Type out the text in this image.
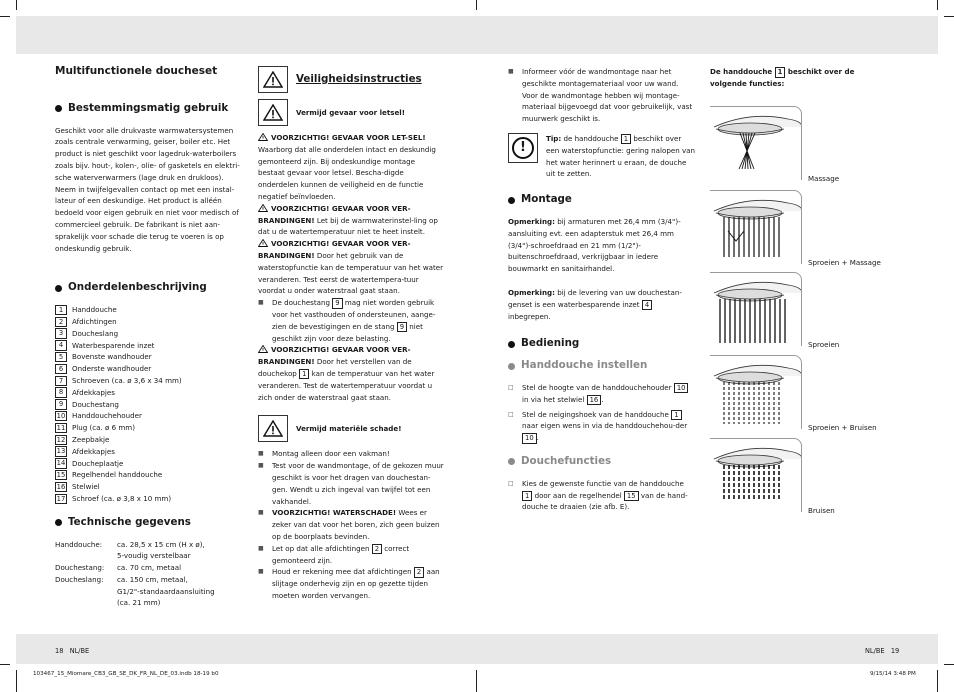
Multifunctionele doucheset
Bestemmingsmatig gebruik

Geschikt voor alle drukvaste warmwatersystemen zoals centrale verwarming, geiser, boiler etc. Het product is niet geschikt voor lagedruk-waterboilers zoals bijv. hout-, kolen-, olie- of gasketels en elektri-sche waterverwarmers (lage druk en drukloos). Neem in twijfelgevallen contact op met een instal-lateur of een deskundige. Het product is alléén bedoeld voor eigen gebruik en niet voor medisch of commercieel gebruik. De fabrikant is niet aan-sprakelijk voor schade die terug te voeren is op ondeskundig gebruik.

Onderdelenbeschrijving
1	Handdouche
2	Afdichtingen
3	Doucheslang
4	Waterbesparende inzet
5	Bovenste wandhouder
6	Onderste wandhouder
7	Schroeven (ca. ø 3,6 x 34 mm)
8	Afdekkapjes
9	Douchestang
10 Handdouchehouder
11 Plug (ca. ø 6 mm)
12 Zeepbakje
13 Afdekkapjes
14 Doucheplaatje
15 Regelhendel handdouche
16 Stelwiel
17 Schroef (ca. ø 3,8 x 10 mm)
Technische gegevens
Handdouche:	ca. 28,5 x 15 cm (H x ø),
5-voudig verstelbaar
Douchestang:	ca. 70 cm, metaal
Doucheslang:	ca. 150 cm, metaal,
G1/2"-standaardaansluiting
(ca. 21 mm)
Veiligheidsinstructies
Vermijd gevaar voor letsel!

VOORZICHTIG! GEVAAR VOOR LET-SEL! Waarborg dat alle onderdelen intact en deskundig gemonteerd zijn. Bij ondeskundige montage bestaat gevaar voor letsel. Bescha-digde onderdelen kunnen de veiligheid en de functie negatief beïnvloeden.

VOORZICHTIG! GEVAAR VOOR VER-BRANDINGEN! Let bij de warmwaterinstel-ling op dat u de watertemperatuur niet te heet instelt.

VOORZICHTIG! GEVAAR VOOR VER-BRANDINGEN! Door het gebruik van de waterstopfunctie kan de temperatuur van het water veranderen. Test eerst de watertempera-tuur voordat u onder waterstraal gaat staan.

■	De douchestang 9 mag niet worden gebruik voor het vasthouden of ondersteunen, aange-zien de bevestigingen en de stang 9 niet geschikt zijn voor deze belasting.

VOORZICHTIG! GEVAAR VOOR VER-BRANDINGEN! Door het verstellen van de douchekop 1 kan de temperatuur van het water veranderen. Test de watertemperatuur voordat u zich onder de waterstraal gaat staan.

Vermijd materiële schade!
■	Montag alleen door een vakman!
■	Test voor de wandmontage, of de gekozen muur geschikt is voor het dragen van douchestan-gen. Wendt u zich ingeval van twijfel tot een vakhandel.
■	VOORZICHTIG! WATERSCHADE! Wees er zeker van dat voor het boren, zich geen buizen op de boorplaats bevinden.
■	Let op dat alle afdichtingen 2 correct gemonteerd zijn.
■	Houd er rekening mee dat afdichtingen 2 aan slijtage onderhevig zijn en op gezette tijden moeten worden vervangen.
■	Informeer vóór de wandmontage naar het geschikte montagemateriaal voor uw wand. Voor de wandmontage hebben wij montage-materiaal bijgevoegd dat voor gebruikelijk, vast muurwerk geschikt is.
!
Tip: de handdouche 1 beschikt over een waterstopfunctie: gering nalopen van het water herinnert u eraan, de douche uit te zetten.
Montage

Opmerking: bij armaturen met 26,4 mm (3/4")-aansluiting evt. een adapterstuk met 26,4 mm (3/4")-schroefdraad en 21 mm (1/2")-buitenschroefdraad, verkrijgbaar in iedere bouwmarkt en sanitairhandel.

Opmerking: bij de levering van uw douchestan-genset is een waterbesparende inzet 4 inbegrepen.

Bediening
Handdouche instellen
□	Stel de hoogte van de handdouchehouder 10 in via het stelwiel 16 .
□	Stel de neigingshoek van de handdouche 1 naar eigen wens in via de handdouchehou-der 10 .
Douchefuncties
□	Kies de gewenste functie van de handdouche 1 door aan de regelhendel 15 van de hand-douche te draaien (zie afb. E).
De handdouche 1 beschikt over de volgende functies:
Massage
Sproeien + Massage
Sproeien
Sproeien + Bruisen
Bruisen
18 NL/BE	NL/BE 19
103467_15_Miomare_CB3_GB_SE_DK_FR_NL_DE_03.indb 18-19 b0	9/15/14 3:48 PM
